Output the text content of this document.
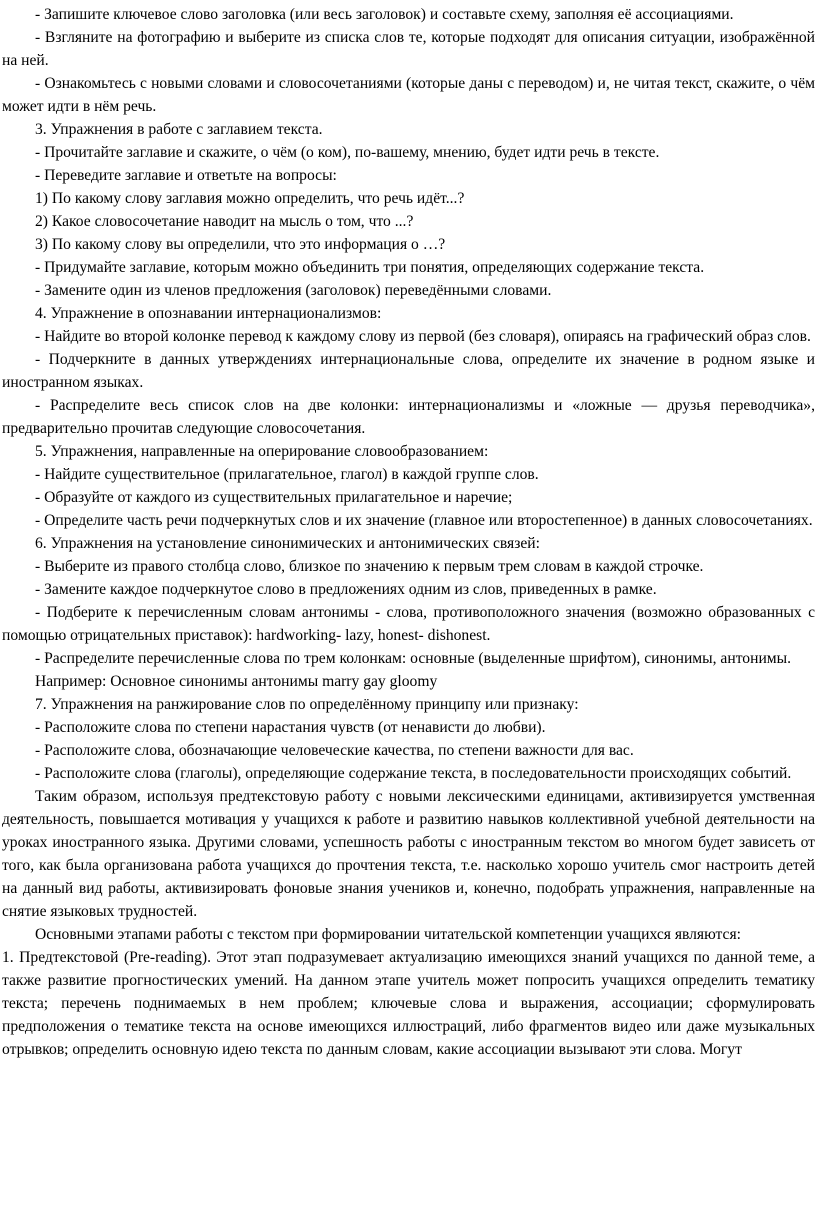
- Запишите ключевое слово заголовка (или весь заголовок) и составьте схему, заполняя её ассоциациями.

- Взгляните на фотографию и выберите из списка слов те, которые подходят для описания ситуации, изображённой на ней.

- Ознакомьтесь с новыми словами и словосочетаниями (которые даны с переводом) и, не читая текст, скажите, о чём может идти в нём речь.

3. Упражнения в работе с заглавием текста.

- Прочитайте заглавие и скажите, о чём (о ком), по-вашему, мнению, будет идти речь в тексте.

- Переведите заглавие и ответьте на вопросы:

1) По какому слову заглавия можно определить, что речь идёт...?

2) Какое словосочетание наводит на мысль о том, что ...?

3) По какому слову вы определили, что это информация о …?

- Придумайте заглавие, которым можно объединить три понятия, определяющих содержание текста.

- Замените один из членов предложения (заголовок) переведёнными словами.

4. Упражнение в опознавании интернационализмов:

- Найдите во второй колонке перевод к каждому слову из первой (без словаря), опираясь на графический образ слов.

- Подчеркните в данных утверждениях интернациональные слова, определите их значение в родном языке и иностранном языках.

- Распределите весь список слов на две колонки: интернационализмы и «ложные — друзья переводчика», предварительно прочитав следующие словосочетания.

5. Упражнения, направленные на оперирование словообразованием:

- Найдите существительное (прилагательное, глагол) в каждой группе слов.

- Образуйте от каждого из существительных прилагательное и наречие;

- Определите часть речи подчеркнутых слов и их значение (главное или второстепенное) в данных словосочетаниях.

6. Упражнения на установление синонимических и антонимических связей:

- Выберите из правого столбца слово, близкое по значению к первым трем словам в каждой строчке.

- Замените каждое подчеркнутое слово в предложениях одним из слов, приведенных в рамке.

- Подберите к перечисленным словам антонимы - слова, противоположного значения (возможно образованных с помощью отрицательных приставок): hardworking- lazy, honest- dishonest.

- Распределите перечисленные слова по трем колонкам: основные (выделенные шрифтом), синонимы, антонимы.

Например: Основное синонимы антонимы marry gay gloomy

7. Упражнения на ранжирование слов по определённому принципу или признаку:

- Расположите слова по степени нарастания чувств (от ненависти до любви).

- Расположите слова, обозначающие человеческие качества, по степени важности для вас.

- Расположите слова (глаголы), определяющие содержание текста, в последовательности происходящих событий.

Таким образом, используя предтекстовую работу с новыми лексическими единицами, активизируется умственная деятельность, повышается мотивация у учащихся к работе и развитию навыков коллективной учебной деятельности на уроках иностранного языка. Другими словами, успешность работы с иностранным текстом во многом будет зависеть от того, как была организована работа учащихся до прочтения текста, т.е. насколько хорошо учитель смог настроить детей на данный вид работы, активизировать фоновые знания учеников и, конечно, подобрать упражнения, направленные на снятие языковых трудностей.

Основными этапами работы с текстом при формировании читательской компетенции учащихся являются:

1. Предтекстовой (Pre-reading). Этот этап подразумевает актуализацию имеющихся знаний учащихся по данной теме, а также развитие прогностических умений. На данном этапе учитель может попросить учащихся определить тематику текста; перечень поднимаемых в нем проблем; ключевые слова и выражения, ассоциации; сформулировать предположения о тематике текста на основе имеющихся иллюстраций, либо фрагментов видео или даже музыкальных отрывков; определить основную идею текста по данным словам, какие ассоциации вызывают эти слова. Могут
